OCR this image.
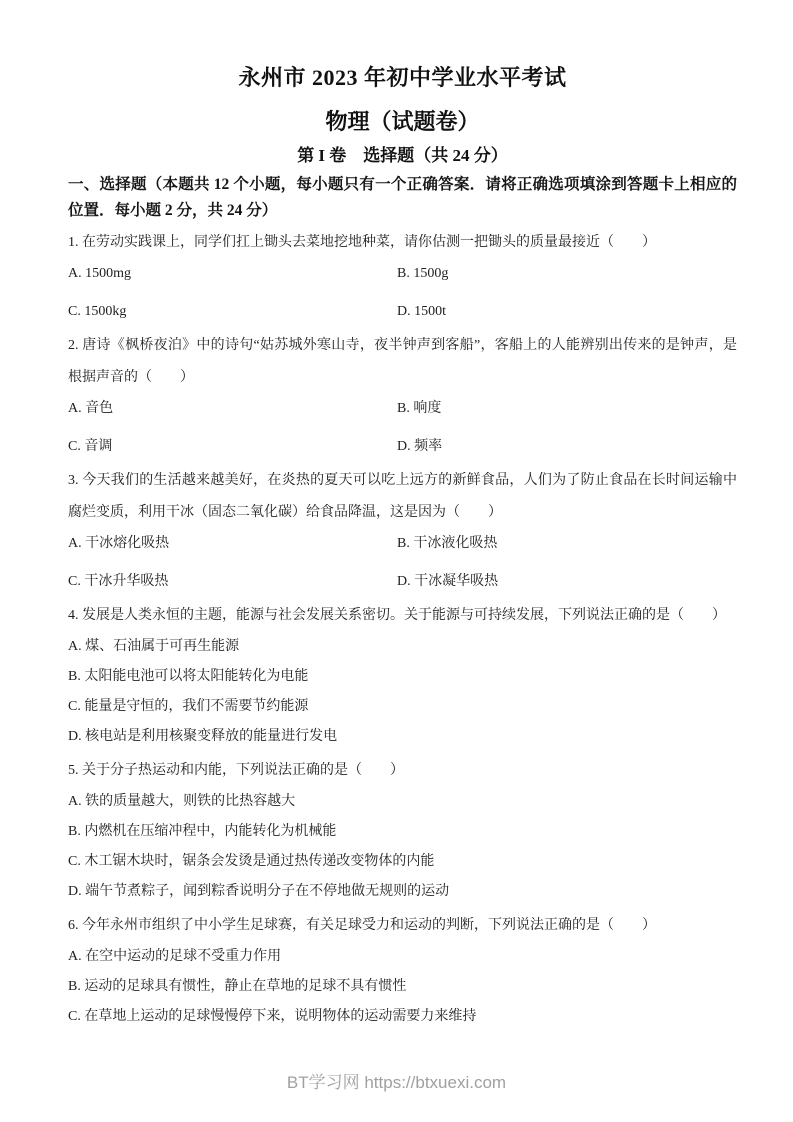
永州市 2023 年初中学业水平考试
物理（试题卷）
第 I 卷　选择题（共 24 分）

一、选择题（本题共 12 个小题，每小题只有一个正确答案．请将正确选项填涂到答题卡上相应的位置．每小题 2 分，共 24 分）

1. 在劳动实践课上，同学们扛上锄头去菜地挖地种菜，请你估测一把锄头的质量最接近（　　）

A. 1500mg	B. 1500g
C. 1500kg	D. 1500t

2. 唐诗《枫桥夜泊》中的诗句“姑苏城外寒山寺，夜半钟声到客船”，客船上的人能辨别出传来的是钟声，是根据声音的（　　）

A. 音色	B. 响度
C. 音调	D. 频率

3. 今天我们的生活越来越美好，在炎热的夏天可以吃上远方的新鲜食品，人们为了防止食品在长时间运输中腐烂变质，利用干冰（固态二氧化碳）给食品降温，这是因为（　　）

A. 干冰熔化吸热	B. 干冰液化吸热
C. 干冰升华吸热	D. 干冰凝华吸热

4. 发展是人类永恒的主题，能源与社会发展关系密切。关于能源与可持续发展，下列说法正确的是（　　）

A. 煤、石油属于可再生能源
B. 太阳能电池可以将太阳能转化为电能
C. 能量是守恒的，我们不需要节约能源
D. 核电站是利用核聚变释放的能量进行发电

5. 关于分子热运动和内能，下列说法正确的是（　　）

A. 铁的质量越大，则铁的比热容越大
B. 内燃机在压缩冲程中，内能转化为机械能
C. 木工锯木块时，锯条会发烫是通过热传递改变物体的内能
D. 端午节煮粽子，闻到粽香说明分子在不停地做无规则的运动

6. 今年永州市组织了中小学生足球赛，有关足球受力和运动的判断，下列说法正确的是（　　）

A. 在空中运动的足球不受重力作用
B. 运动的足球具有惯性，静止在草地的足球不具有惯性
C. 在草地上运动的足球慢慢停下来，说明物体的运动需要力来维持
BT学习网 https://btxuexi.com
